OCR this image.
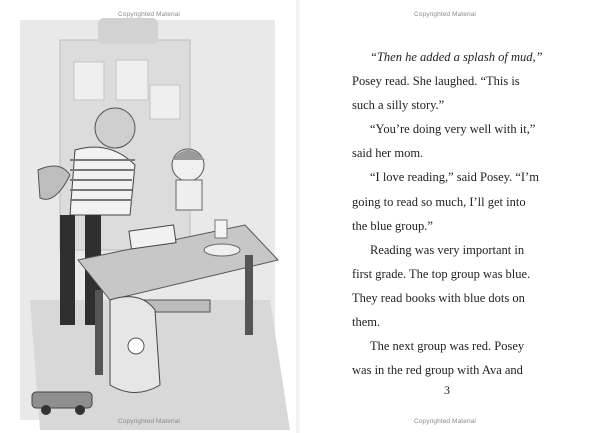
Copyrighted Material
Copyrighted Material
Copyrighted Material
Copyrighted Material

“Then he added a splash of mud,”
Posey read. She laughed. “This is
such a silly story.”

“You’re doing very well with it,”
said her mom.

“I love reading,” said Posey. “I’m
going to read so much, I’ll get into
the blue group.”

Reading was very important in
first grade. The top group was blue.
They read books with blue dots on
them.

The next group was red. Posey
was in the red group with Ava and

3
